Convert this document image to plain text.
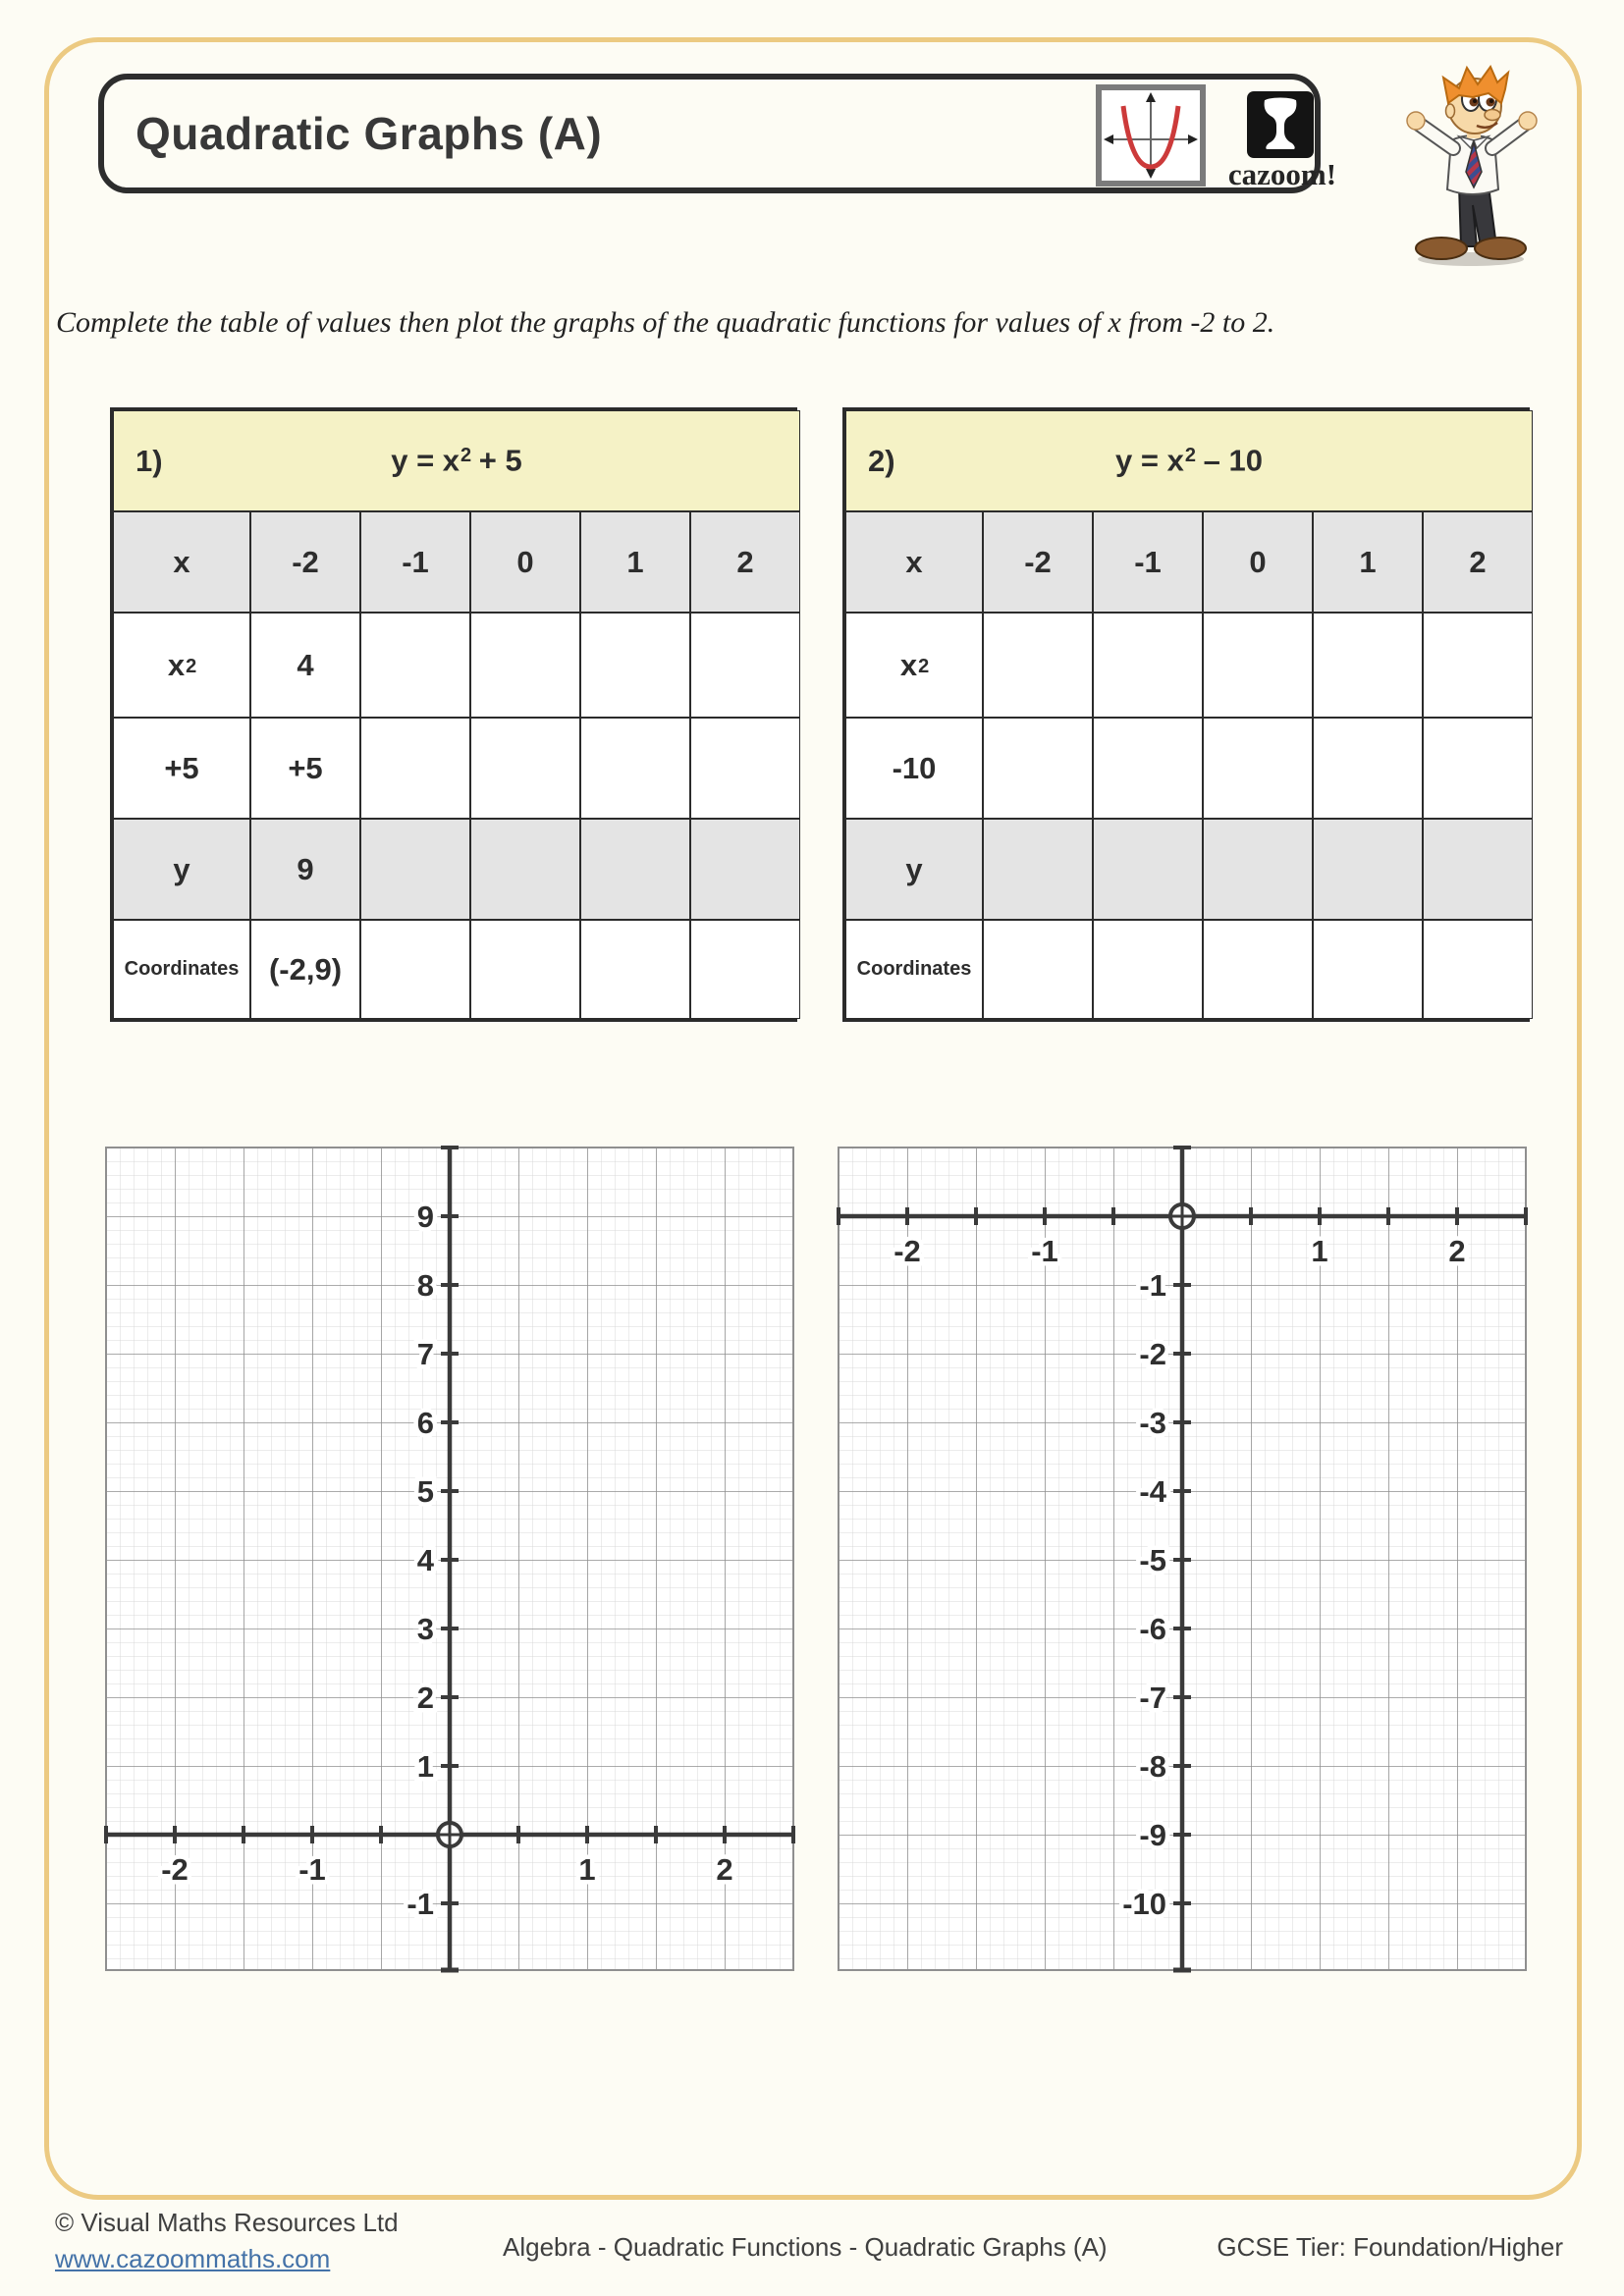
Quadratic Graphs (A)
cazoom!
Complete the table of values then plot the graphs of the quadratic functions for values of x from -2 to 2.
1)	$y = x^2 + 5$
x	-2	-1	0	1	2
$x^2$	4
+5	+5
y	9
Coordinates (-2,9)
2)	$y = x^2 - 10$
x	-2	-1	0	1	2
$x^2$
-10
y
Coordinates
-2	-1	1	2
9
8
7
6
5
4
3
2
1
-1
-2	-1	1	2
-1
-2
-3
-4
-5
-6
-7
-8
-9
-10
© Visual Maths Resources Ltd
www.cazoommaths.com	Algebra - Quadratic Functions - Quadratic Graphs (A)	GCSE Tier: Foundation/Higher
